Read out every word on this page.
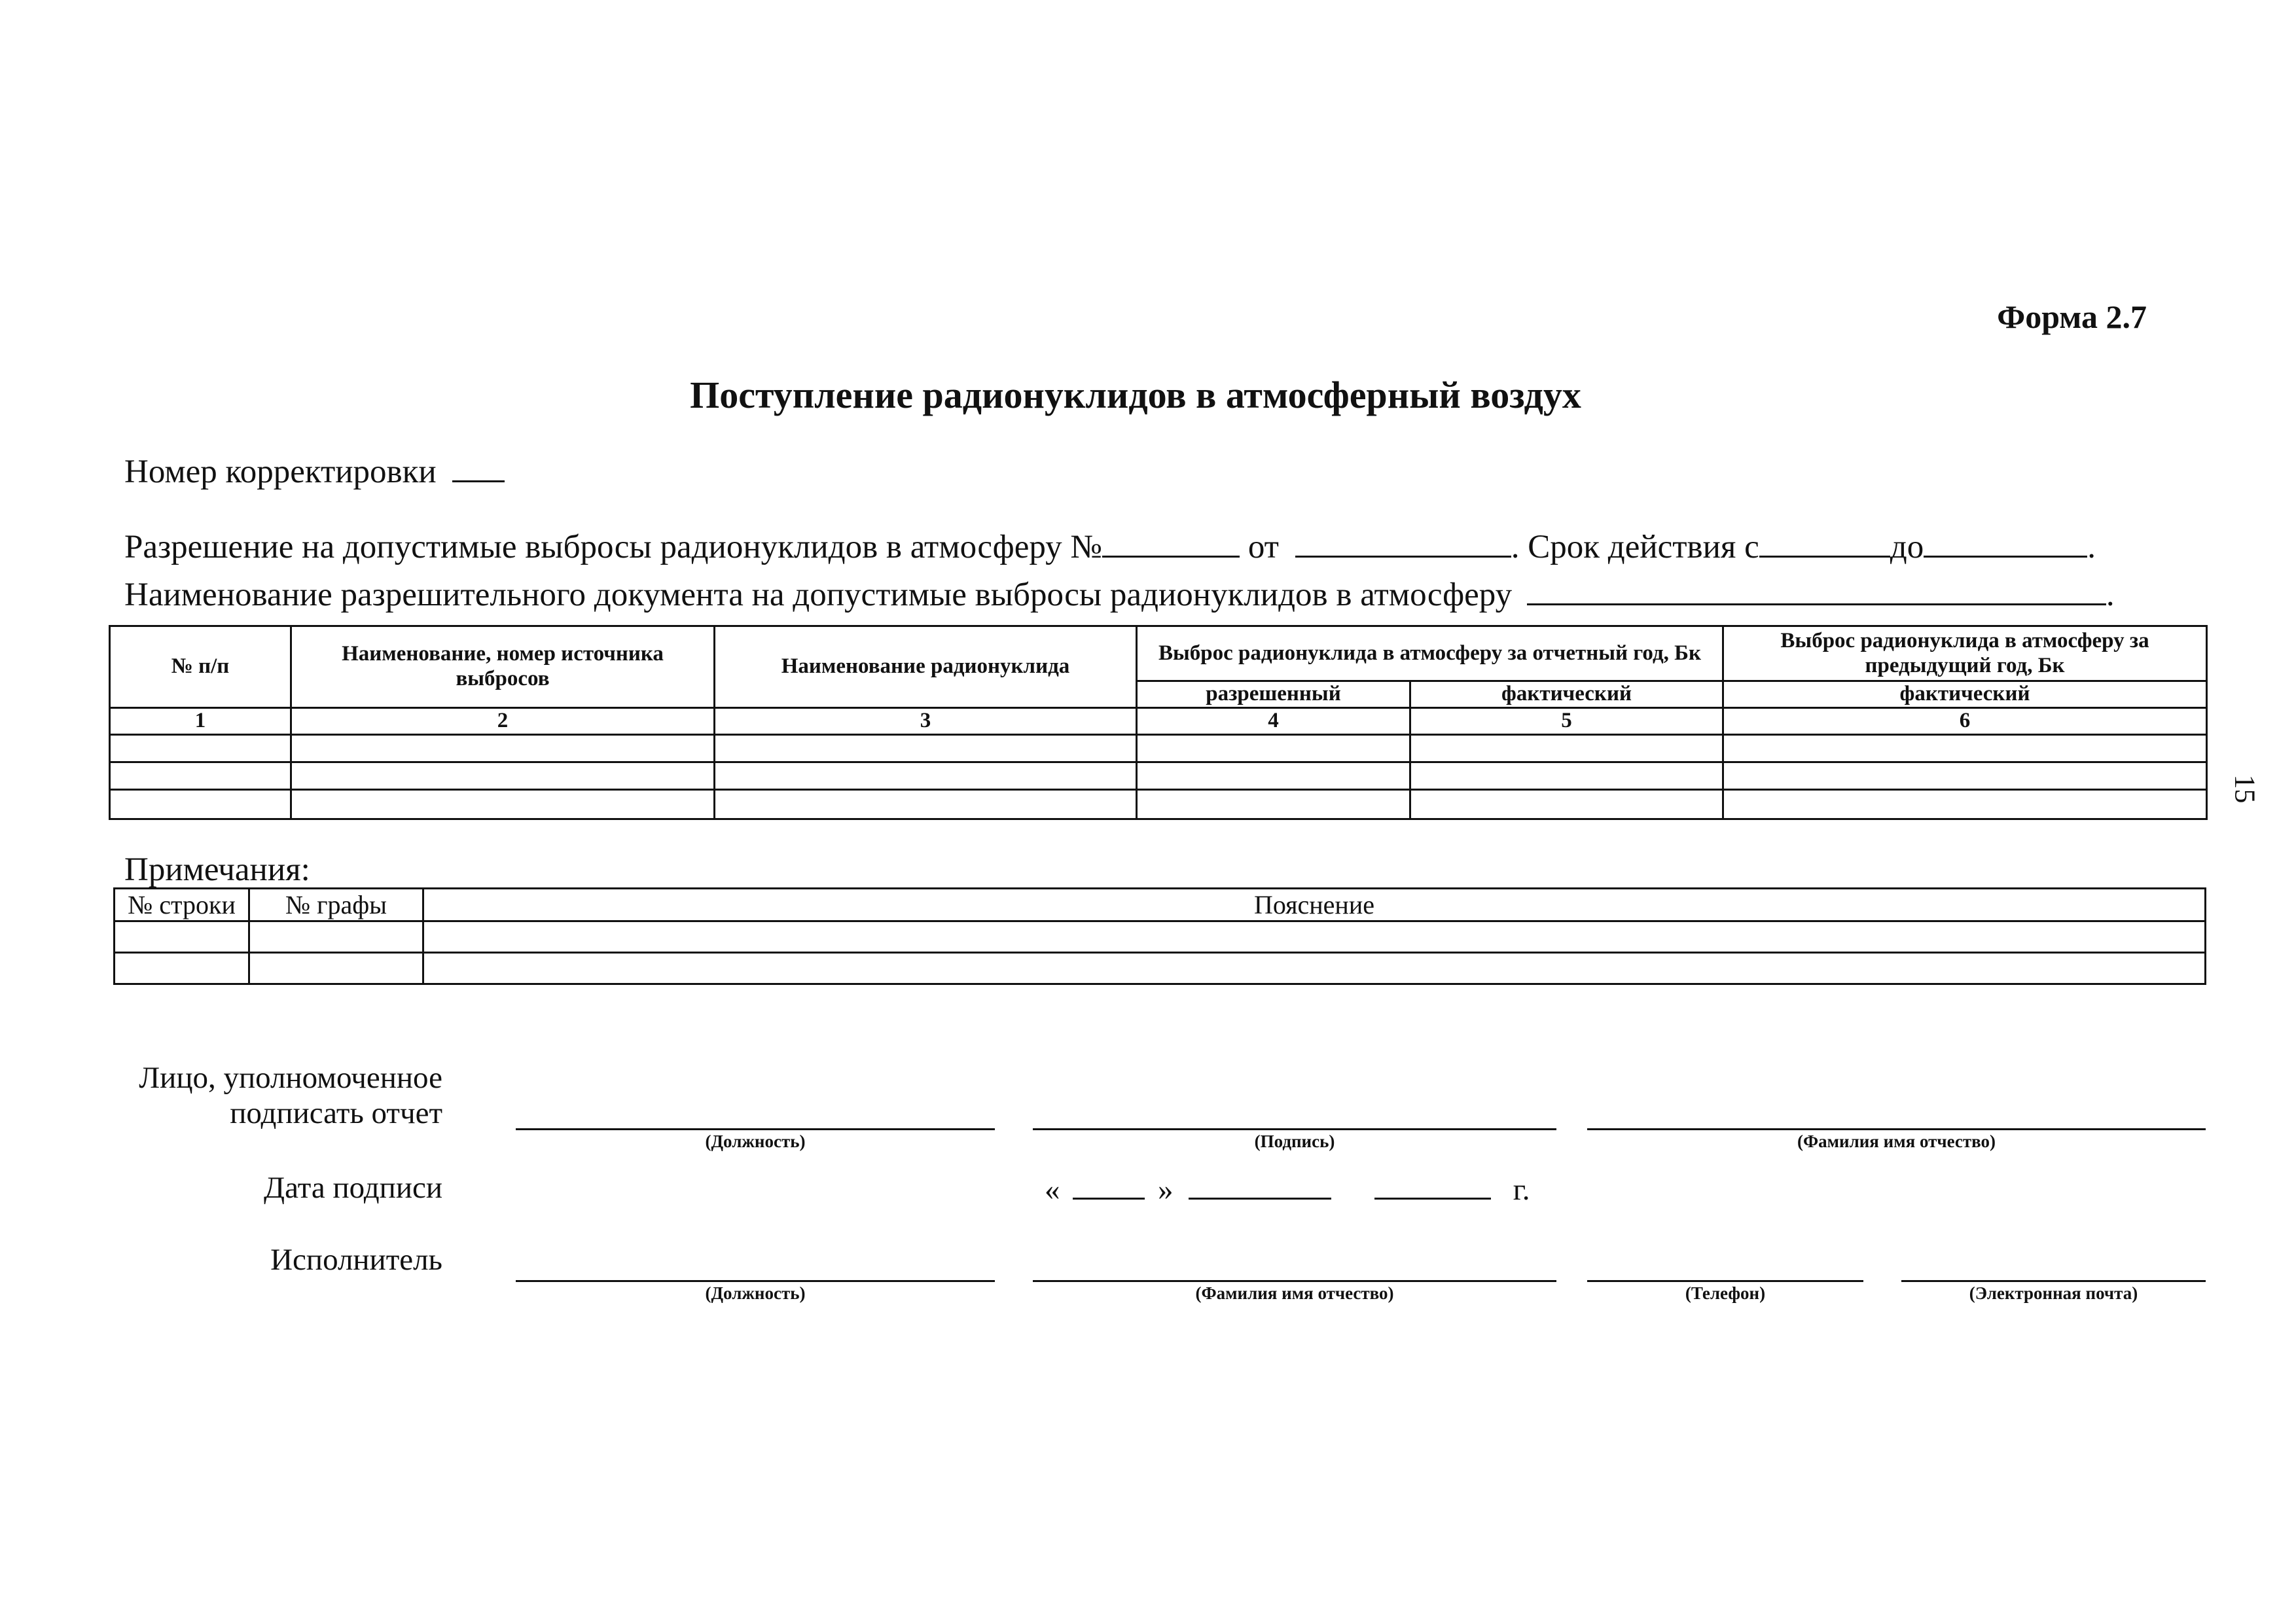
Форма 2.7
Поступление радионуклидов в атмосферный воздух
Номер корректировки
Разрешение на допустимые выбросы радионуклидов в атмосферу №	от	. Срок действия с	до	.
Наименование разрешительного документа на допустимые выбросы радионуклидов в атмосферу	.
№ п/п	Наименование, номер источника выбросов	Наименование радионуклида	Выброс радионуклида в атмосферу за отчетный год, Бк		Выброс радионуклида в атмосферу за предыдущий год, Бк
			разрешенный	фактический	фактический
1	2	3	4	5	6

15
Примечания:
№ строки	№ графы	Пояснение

Лицо, уполномоченное
подписать отчет
(Должность)	(Подпись)	(Фамилия имя отчество)
Дата подписи	«	»	г.
Исполнитель
(Должность)	(Фамилия имя отчество)	(Телефон)	(Электронная почта)
